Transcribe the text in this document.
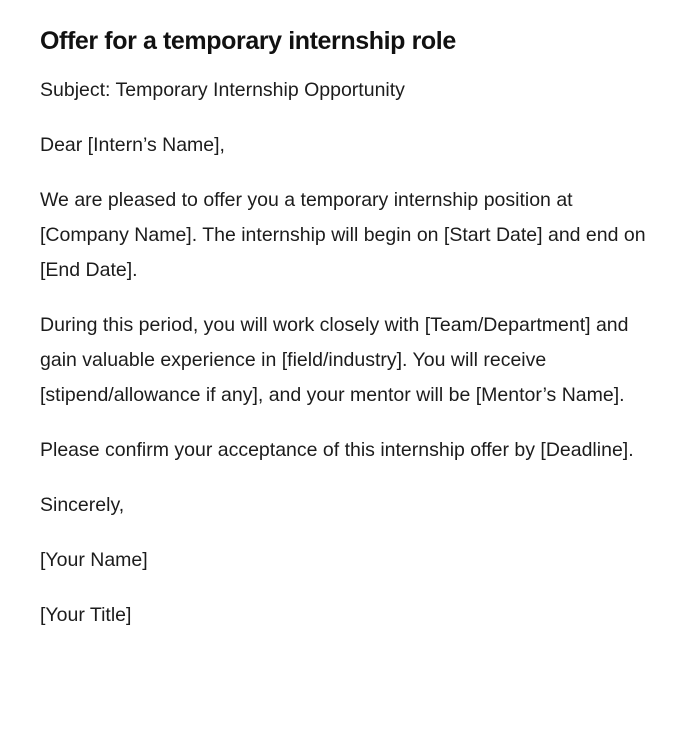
Offer for a temporary internship role

Subject: Temporary Internship Opportunity

Dear [Intern’s Name],

We are pleased to offer you a temporary internship position at [Company Name]. The internship will begin on [Start Date] and end on [End Date].

During this period, you will work closely with [Team/Department] and gain valuable experience in [field/industry]. You will receive [stipend/allowance if any], and your mentor will be [Mentor’s Name].

Please confirm your acceptance of this internship offer by [Deadline].

Sincerely,

[Your Name]

[Your Title]
